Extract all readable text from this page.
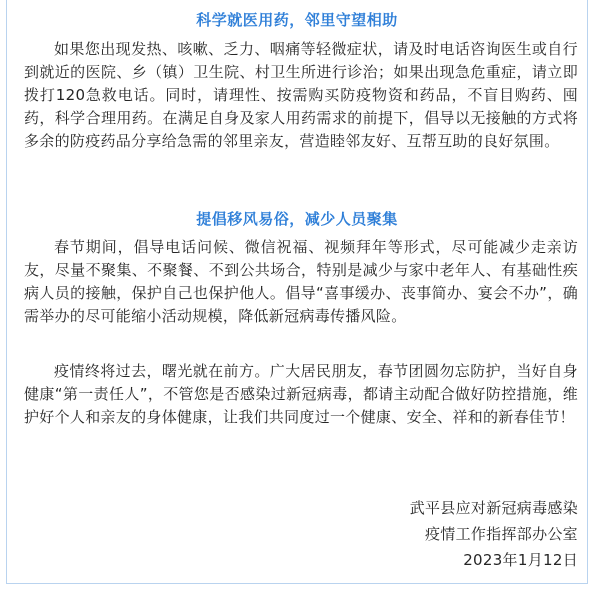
科学就医用药，邻里守望相助

如果您出现发热、咳嗽、乏力、咽痛等轻微症状，请及时电话咨询医生或自行到就近的医院、乡（镇）卫生院、村卫生所进行诊治；如果出现急危重症，请立即拨打120急救电话。同时，请理性、按需购买防疫物资和药品，不盲目购药、囤药，科学合理用药。在满足自身及家人用药需求的前提下，倡导以无接触的方式将多余的防疫药品分享给急需的邻里亲友，营造睦邻友好、互帮互助的良好氛围。

提倡移风易俗，减少人员聚集

春节期间，倡导电话问候、微信祝福、视频拜年等形式，尽可能减少走亲访友，尽量不聚集、不聚餐、不到公共场合，特别是减少与家中老年人、有基础性疾病人员的接触，保护自己也保护他人。倡导“喜事缓办、丧事简办、宴会不办”，确需举办的尽可能缩小活动规模，降低新冠病毒传播风险。

疫情终将过去，曙光就在前方。广大居民朋友，春节团圆勿忘防护，当好自身健康“第一责任人”，不管您是否感染过新冠病毒，都请主动配合做好防控措施，维护好个人和亲友的身体健康，让我们共同度过一个健康、安全、祥和的新春佳节！

武平县应对新冠病毒感染
疫情工作指挥部办公室
2023年1月12日
